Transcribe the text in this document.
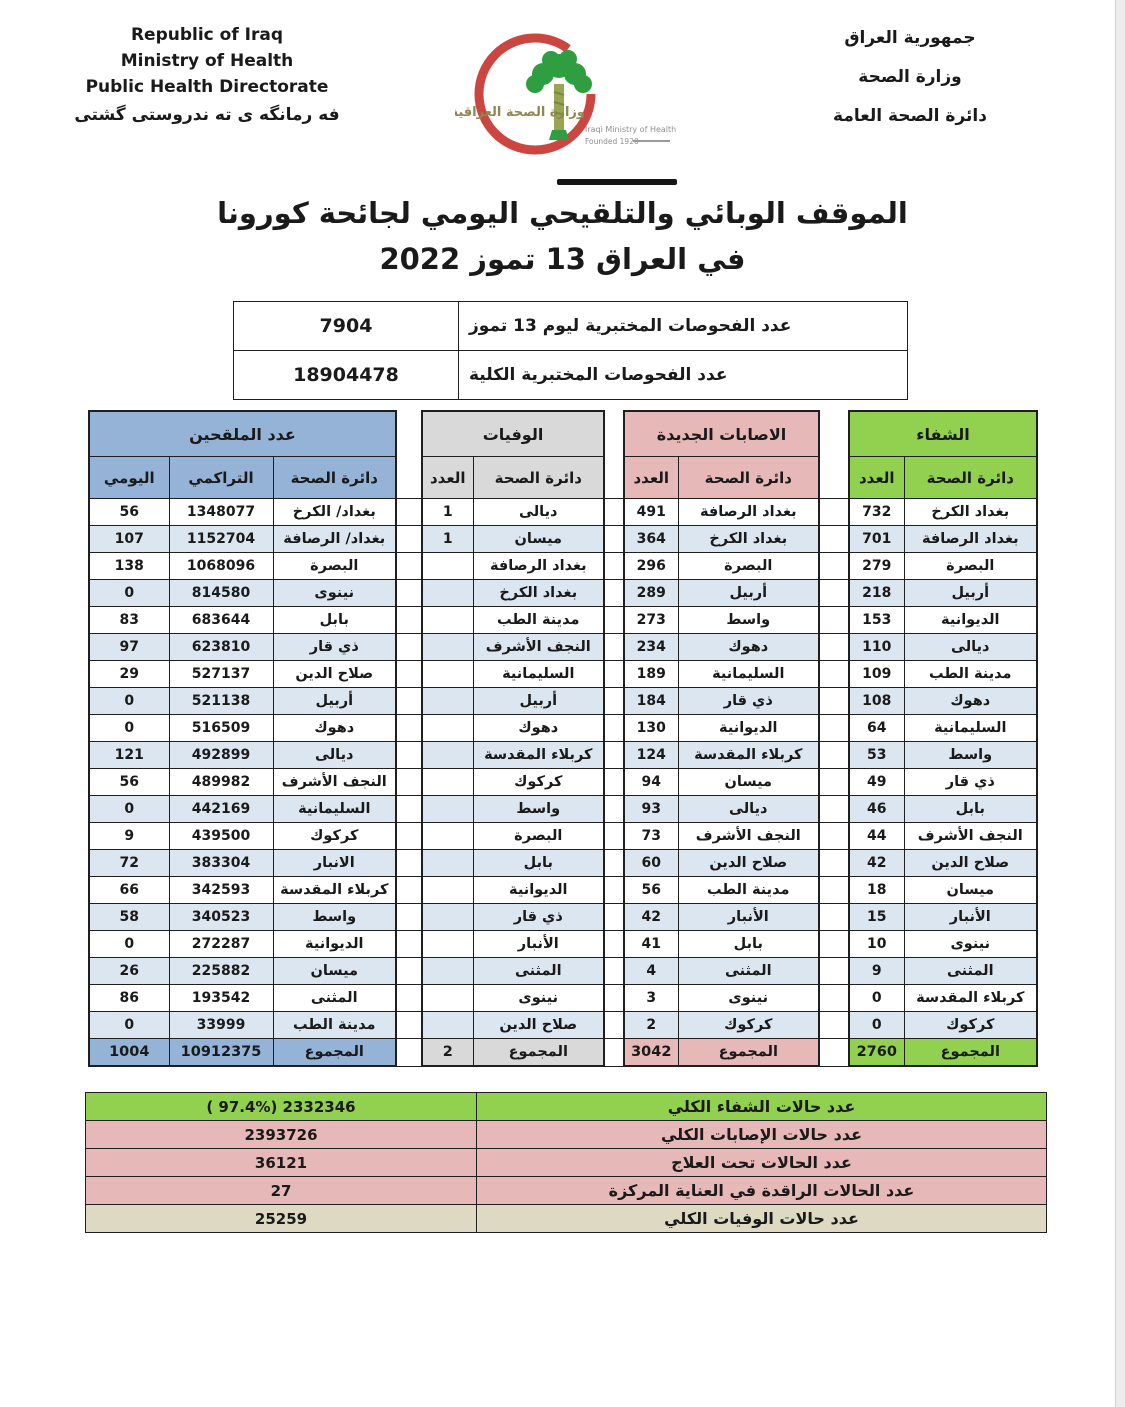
Republic of Iraq
Ministry of Health
Public Health Directorate
فه رمانگه ی ته ندروستی گشتی	وزارة الصحة العراقية
Iraqi Ministry of Health
Founded 1920
جمهورية العراق
وزارة الصحة
دائرة الصحة العامة
الموقف الوبائي والتلقيحي اليومي لجائحة كورونا
في العراق 13 تموز 2022
7904	عدد الفحوصات المختبرية ليوم 13 تموز
18904478	عدد الفحوصات المختبرية الكلية
عدد الملقحين				الوفيات			الاصابات الجديدة			الشفاء	
اليومي	التراكمي	دائرة الصحة		العدد	دائرة الصحة		العدد	دائرة الصحة		العدد	دائرة الصحة
56	1348077	بغداد/ الكرخ		1	ديالى		491	بغداد الرصافة		732	بغداد الكرخ
107	1152704	بغداد/ الرصافة		1	ميسان		364	بغداد الكرخ		701	بغداد الرصافة
138	1068096	البصرة			بغداد الرصافة		296	البصرة		279	البصرة
0	814580	نينوى			بغداد الكرخ		289	أربيل		218	أربيل
83	683644	بابل			مدينة الطب		273	واسط		153	الديوانية
97	623810	ذي قار			النجف الأشرف		234	دهوك		110	ديالى
29	527137	صلاح الدين			السليمانية		189	السليمانية		109	مدينة الطب
0	521138	أربيل			أربيل		184	ذي قار		108	دهوك
0	516509	دهوك			دهوك		130	الديوانية		64	السليمانية
121	492899	ديالى			كربلاء المقدسة		124	كربلاء المقدسة		53	واسط
56	489982	النجف الأشرف			كركوك		94	ميسان		49	ذي قار
0	442169	السليمانية			واسط		93	ديالى		46	بابل
9	439500	كركوك			البصرة		73	النجف الأشرف		44	النجف الأشرف
72	383304	الانبار			بابل		60	صلاح الدين		42	صلاح الدين
66	342593	كربلاء المقدسة			الديوانية		56	مدينة الطب		18	ميسان
58	340523	واسط			ذي قار		42	الأنبار		15	الأنبار
0	272287	الديوانية			الأنبار		41	بابل		10	نينوى
26	225882	ميسان			المثنى		4	المثنى		9	المثنى
86	193542	المثنى			نينوى		3	نينوى		0	كربلاء المقدسة
0	33999	مدينة الطب			صلاح الدين		2	كركوك		0	كركوك
1004	10912375	المجموع		2	المجموع		3042	المجموع		2760	المجموع
( 97.4%) 2332346	عدد حالات الشفاء الكلي
2393726	عدد حالات الإصابات الكلي
36121	عدد الحالات تحت العلاج
27	عدد الحالات الراقدة في العناية المركزة
25259	عدد حالات الوفيات الكلي
